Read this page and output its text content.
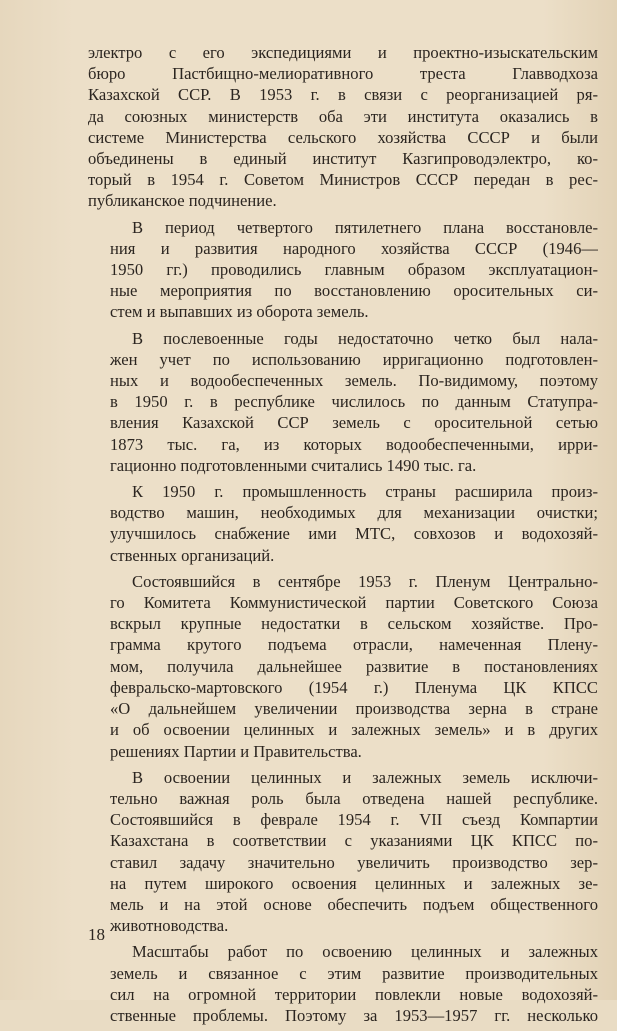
электро с его экспедициями и проектно-изыскательским
бюро Пастбищно-мелиоративного треста Главводхоза
Казахской ССР. В 1953 г. в связи с реорганизацией ря-
да союзных министерств оба эти института оказались в
системе Министерства сельского хозяйства СССР и были
объединены в единый институт Казгипроводэлектро, ко-
торый в 1954 г. Советом Министров СССР передан в рес-
публиканское подчинение.
В период четвертого пятилетнего плана восстановле-
ния и развития народного хозяйства СССР (1946—
1950 гг.) проводились главным образом эксплуатацион-
ные мероприятия по восстановлению оросительных си-
стем и выпавших из оборота земель.
В послевоенные годы недостаточно четко был нала-
жен учет по использованию ирригационно подготовлен-
ных и водообеспеченных земель. По-видимому, поэтому
в 1950 г. в республике числилось по данным Статупра-
вления Казахской ССР земель с оросительной сетью
1873 тыс. га, из которых водообеспеченными, ирри-
гационно подготовленными считались 1490 тыс. га.
К 1950 г. промышленность страны расширила произ-
водство машин, необходимых для механизации очистки;
улучшилось снабжение ими МТС, совхозов и водохозяй-
ственных организаций.
Состоявшийся в сентябре 1953 г. Пленум Центрально-
го Комитета Коммунистической партии Советского Союза
вскрыл крупные недостатки в сельском хозяйстве. Про-
грамма крутого подъема отрасли, намеченная Плену-
мом, получила дальнейшее развитие в постановлениях
февральско-мартовского (1954 г.) Пленума ЦК КПСС
«О дальнейшем увеличении производства зерна в стране
и об освоении целинных и залежных земель» и в других
решениях Партии и Правительства.
В освоении целинных и залежных земель исключи-
тельно важная роль была отведена нашей республике.
Состоявшийся в феврале 1954 г. VII съезд Компартии
Казахстана в соответствии с указаниями ЦК КПСС по-
ставил задачу значительно увеличить производство зер-
на путем широкого освоения целинных и залежных зе-
мель и на этой основе обеспечить подъем общественного
животноводства.
Масштабы работ по освоению целинных и залежных
земель и связанное с этим развитие производительных
сил на огромной территории повлекли новые водохозяй-
ственные проблемы. Поэтому за 1953—1957 гг. несколько
18
